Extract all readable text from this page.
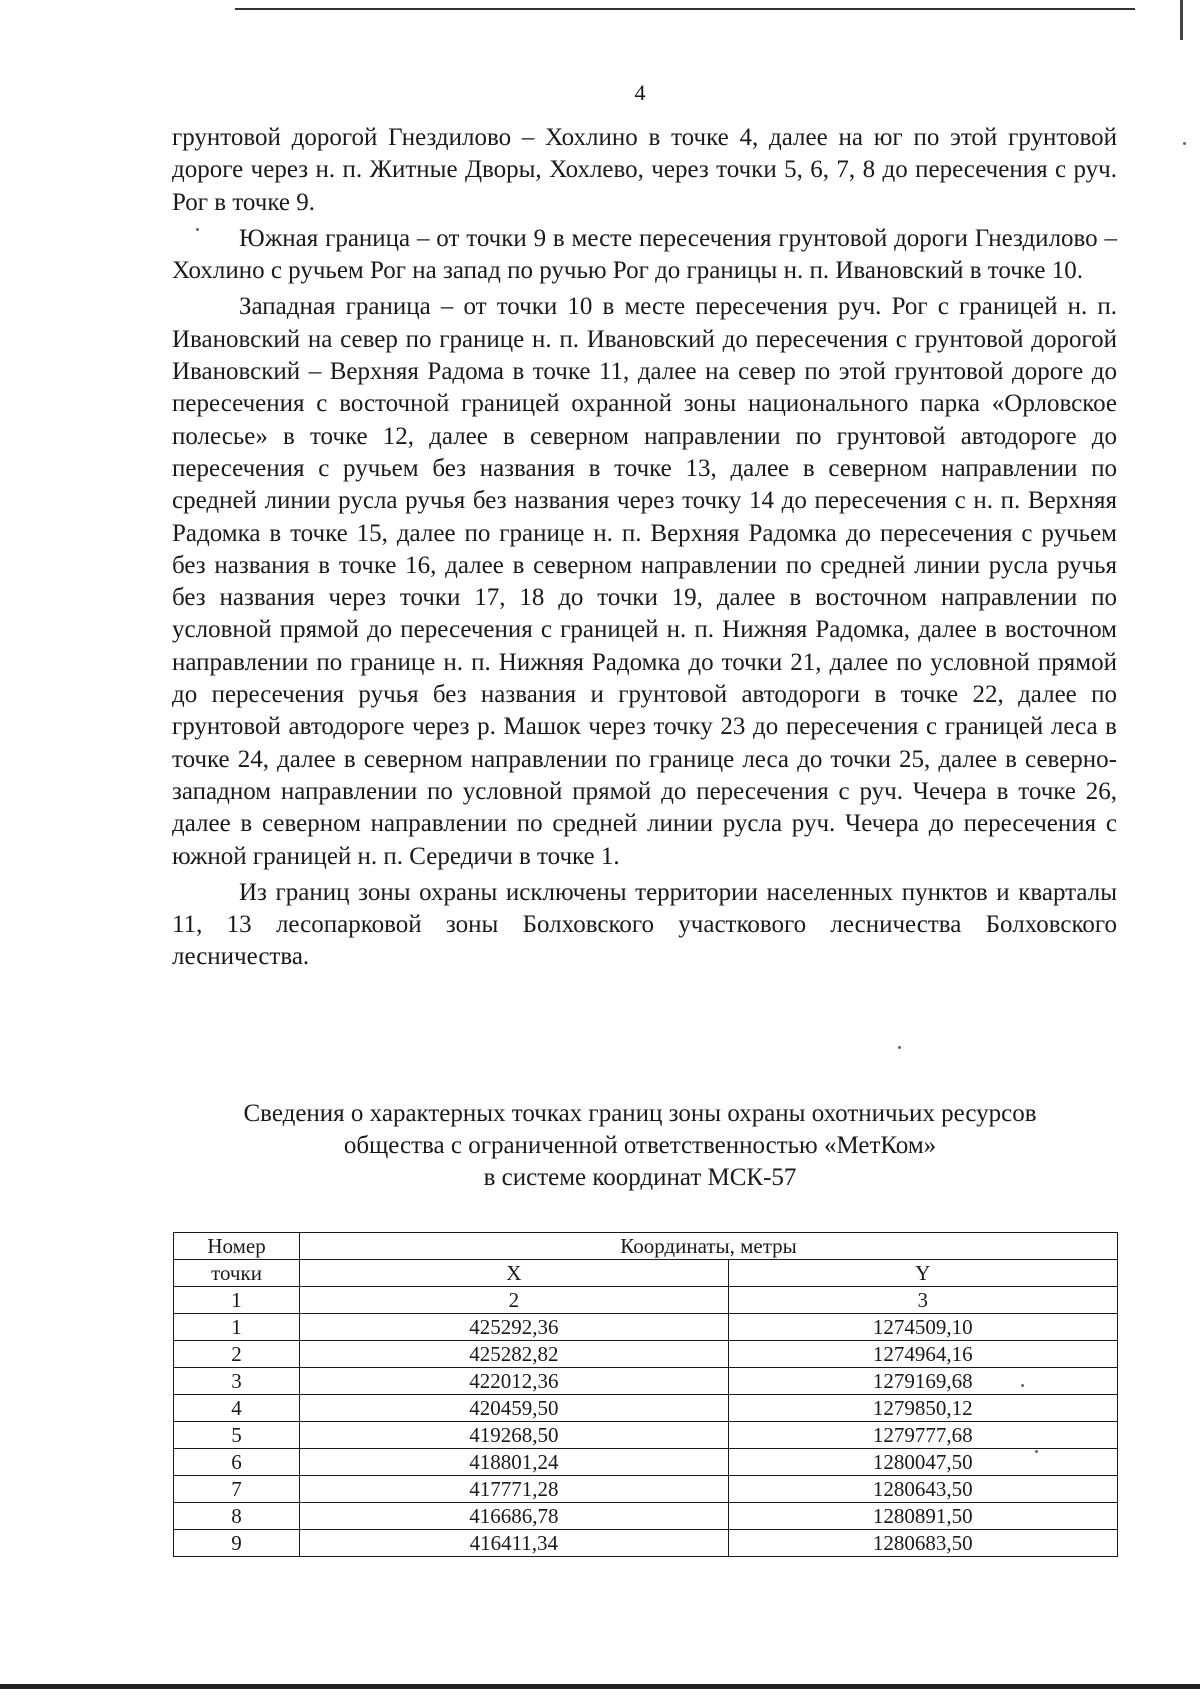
4

грунтовой дорогой Гнездилово – Хохлино в точке 4, далее на юг по этой грунтовой дороге через н. п. Житные Дворы, Хохлево, через точки 5, 6, 7, 8 до пересечения с руч. Рог в точке 9.

Южная граница – от точки 9 в месте пересечения грунтовой дороги Гнездилово – Хохлино с ручьем Рог на запад по ручью Рог до границы н. п. Ивановский в точке 10.

Западная граница – от точки 10 в месте пересечения руч. Рог с границей н. п. Ивановский на север по границе н. п. Ивановский до пересечения с грунтовой дорогой Ивановский – Верхняя Радома в точке 11, далее на север по этой грунтовой дороге до пересечения с восточной границей охранной зоны национального парка «Орловское полесье» в точке 12, далее в северном направлении по грунтовой автодороге до пересечения с ручьем без названия в точке 13, далее в северном направлении по средней линии русла ручья без названия через точку 14 до пересечения с н. п. Верхняя Радомка в точке 15, далее по границе н. п. Верхняя Радомка до пересечения с ручьем без названия в точке 16, далее в северном направлении по средней линии русла ручья без названия через точки 17, 18 до точки 19, далее в восточном направлении по условной прямой до пересечения с границей н. п. Нижняя Радомка, далее в восточном направлении по границе н. п. Нижняя Радомка до точки 21, далее по условной прямой до пересечения ручья без названия и грунтовой автодороги в точке 22, далее по грунтовой автодороге через р. Машок через точку 23 до пересечения с границей леса в точке 24, далее в северном направлении по границе леса до точки 25, далее в северно-западном направлении по условной прямой до пересечения с руч. Чечера в точке 26, далее в северном направлении по средней линии русла руч. Чечера до пересечения с южной границей н. п. Середичи в точке 1.

Из границ зоны охраны исключены территории населенных пунктов и кварталы 11, 13 лесопарковой зоны Болховского участкового лесничества Болховского лесничества.

Сведения о характерных точках границ зоны охраны охотничьих ресурсов
общества с ограниченной ответственностью «МетКом»
в системе координат МСК-57
Номер	Координаты, метры	
точки	X	Y
1	2	3
1	425292,36	1274509,10
2	425282,82	1274964,16
3	422012,36	1279169,68
4	420459,50	1279850,12
5	419268,50	1279777,68
6	418801,24	1280047,50
7	417771,28	1280643,50
8	416686,78	1280891,50
9	416411,34	1280683,50
